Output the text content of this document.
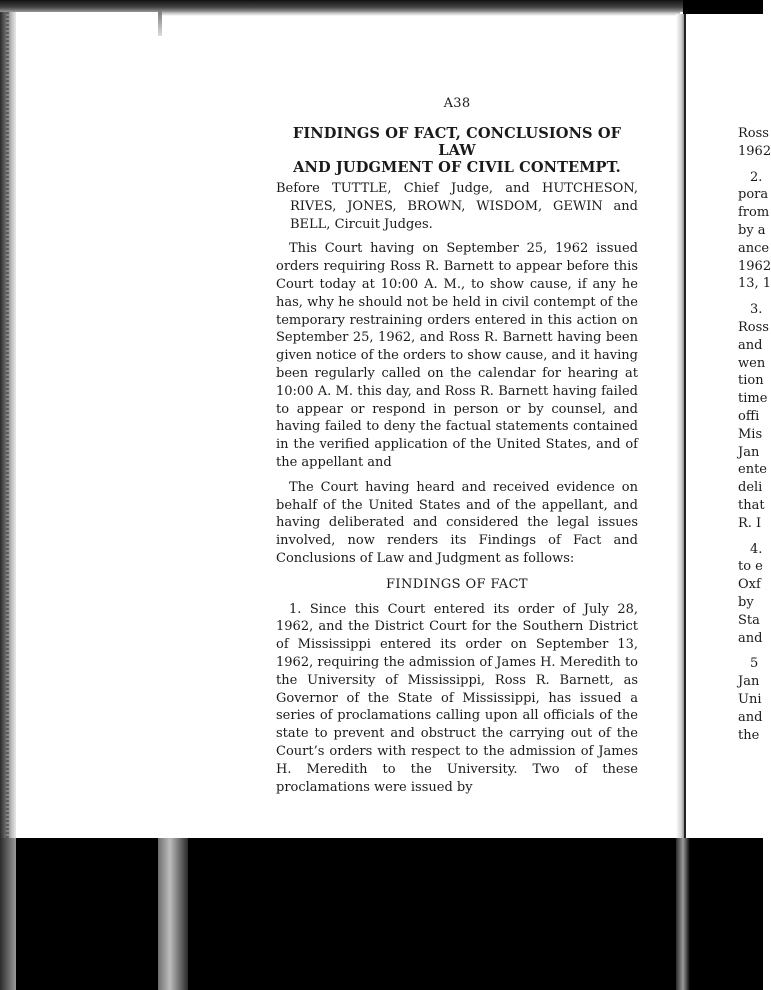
A38
FINDINGS OF FACT, CONCLUSIONS OF LAW
AND JUDGMENT OF CIVIL CONTEMPT.

Before TUTTLE, Chief Judge, and HUTCHESON, RIVES, JONES, BROWN, WISDOM, GEWIN and BELL, Circuit Judges.

This Court having on September 25, 1962 issued orders requiring Ross R. Barnett to appear before this Court today at 10:00 A. M., to show cause, if any he has, why he should not be held in civil contempt of the temporary restraining orders entered in this action on September 25, 1962, and Ross R. Barnett having been given notice of the orders to show cause, and it having been regularly called on the calendar for hearing at 10:00 A. M. this day, and Ross R. Barnett having failed to appear or respond in person or by counsel, and having failed to deny the factual statements contained in the verified application of the United States, and of the appellant and

The Court having heard and received evidence on behalf of the United States and of the appellant, and having deliberated and considered the legal issues involved, now renders its Findings of Fact and Conclusions of Law and Judgment as follows:

FINDINGS OF FACT

1. Since this Court entered its order of July 28, 1962, and the District Court for the Southern District of Mississippi entered its order on September 13, 1962, requiring the admission of James H. Meredith to the University of Mississippi, Ross R. Barnett, as Governor of the State of Mississippi, has issued a series of proclamations calling upon all officials of the state to prevent and obstruct the carrying out of the Court’s orders with respect to the admission of James H. Meredith to the University. Two of these proclamations were issued by

Ross
1962
2.
pora
from
by a
ance
1962
13, 1
3.
Ross
and
wen
tion
time
offi
Mis
Jan
ente
deli
that
R. I
4.
to e
Oxf
by
Sta
and
5
Jan
Uni
and
the
